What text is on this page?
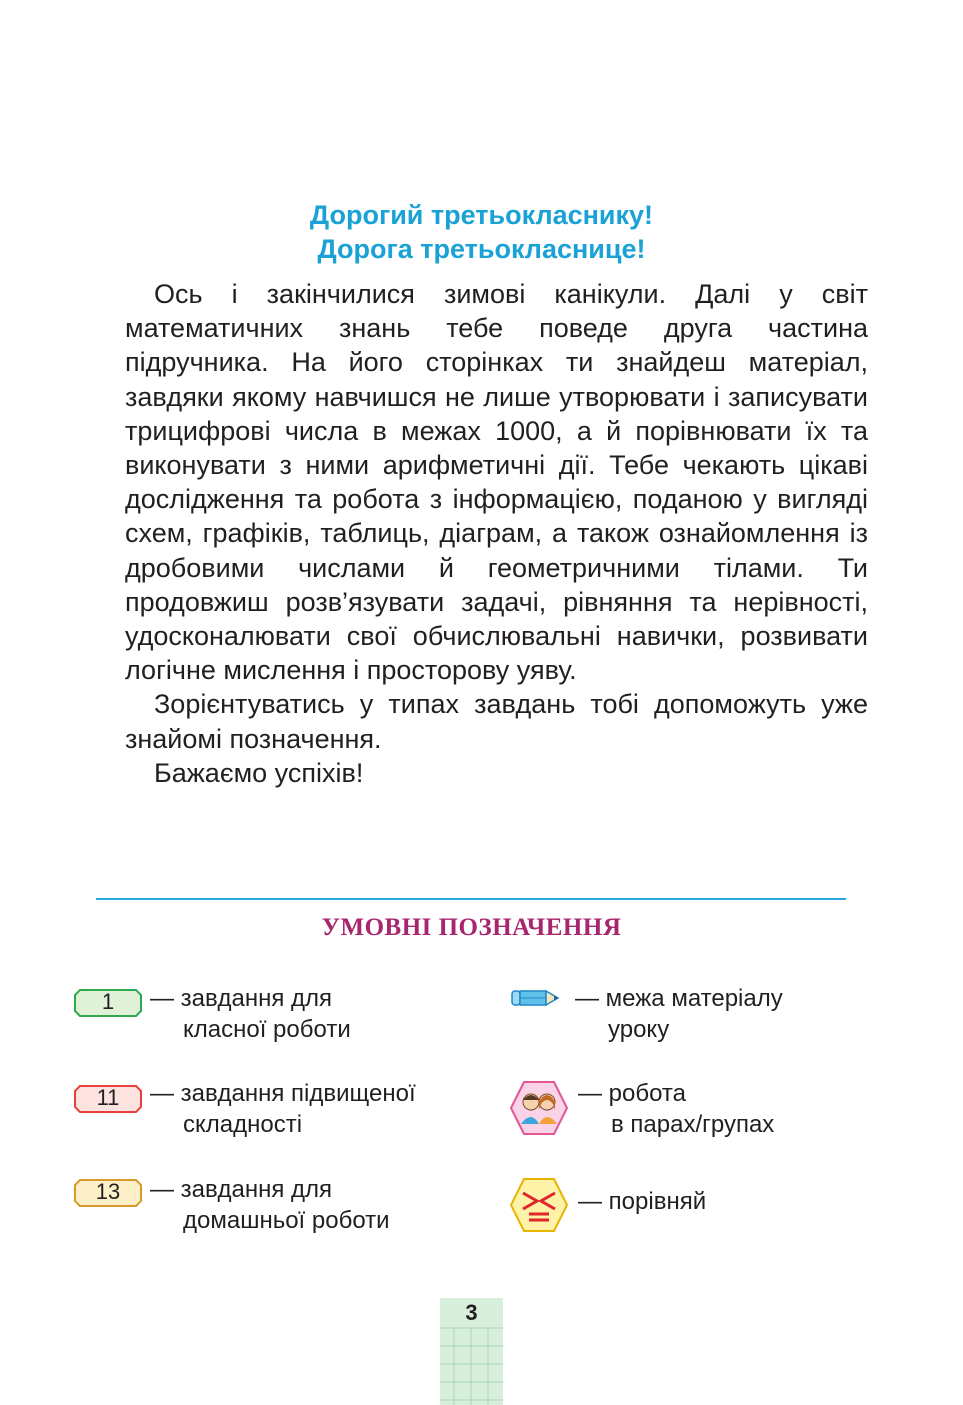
Дорогий третьокласнику!
Дорога третьокласнице!

Ось і закінчилися зимові канікули. Далі у світ математичних знань тебе поведе друга частина підручника. На його сторінках ти знайдеш матеріал, завдяки якому навчишся не лише утворювати і записувати трицифрові числа в межах 1000, а й порівнювати їх та виконувати з ними арифметичні дії. Тебе чекають цікаві дослідження та робота з інформацією, поданою у вигляді схем, графіків, таблиць, діаграм, а також ознайомлення із дробовими числами й геометричними тілами. Ти продовжиш розв’язувати задачі, рівняння та нерівності, удосконалювати свої обчислювальні навички, розвивати логічне мислення і просторову уяву.

Зорієнтуватись у типах завдань тобі допоможуть уже знайомі позначення.

Бажаємо успіхів!

УМОВНІ ПОЗНАЧЕННЯ
1	— завдання для
класної роботи
11	— завдання підвищеної
складності
13	— завдання для
домашньої роботи
— межа матеріалу
уроку
— робота
в парах/групах
— порівняй
3
